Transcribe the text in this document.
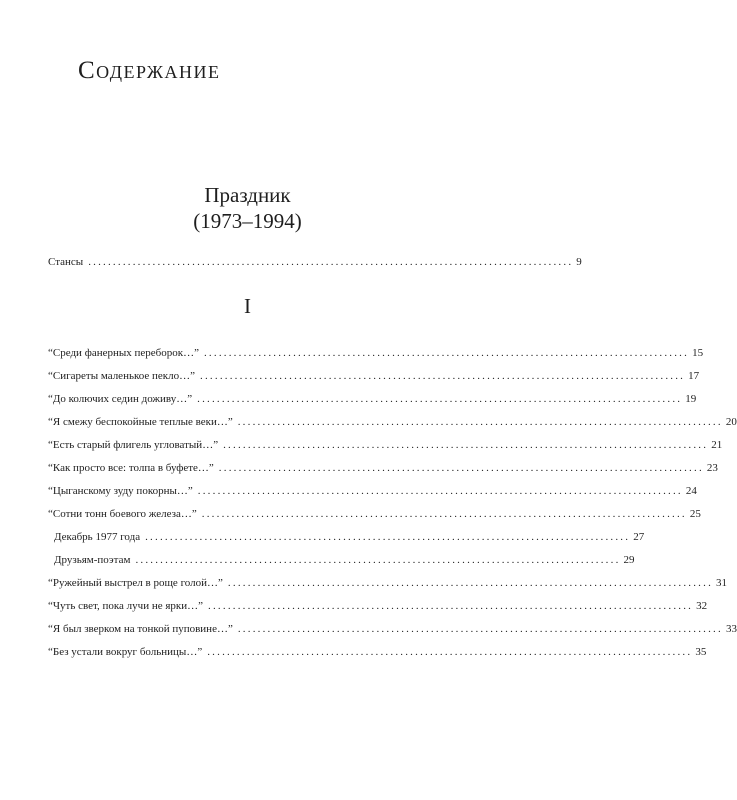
Содержание
Праздник
(1973–1994)
Стансы .................................................................................................. 9
I
“Среди фанерных переборок…” .................................................................................................. 15
“Сигареты маленькое пекло…” .................................................................................................. 17
“До колючих седин доживу…” .................................................................................................. 19
“Я смежу беспокойные теплые веки…” .................................................................................................. 20
“Есть старый флигель угловатый…” .................................................................................................. 21
“Как просто все: толпа в буфете…” .................................................................................................. 23
“Цыганскому зуду покорны…” .................................................................................................. 24
“Сотни тонн боевого железа…” .................................................................................................. 25
Декабрь 1977 года .................................................................................................. 27
Друзьям-поэтам .................................................................................................. 29
“Ружейный выстрел в роще голой…” .................................................................................................. 31
“Чуть свет, пока лучи не ярки…” .................................................................................................. 32
“Я был зверком на тонкой пуповине…” .................................................................................................. 33
“Без устали вокруг больницы…” .................................................................................................. 35
